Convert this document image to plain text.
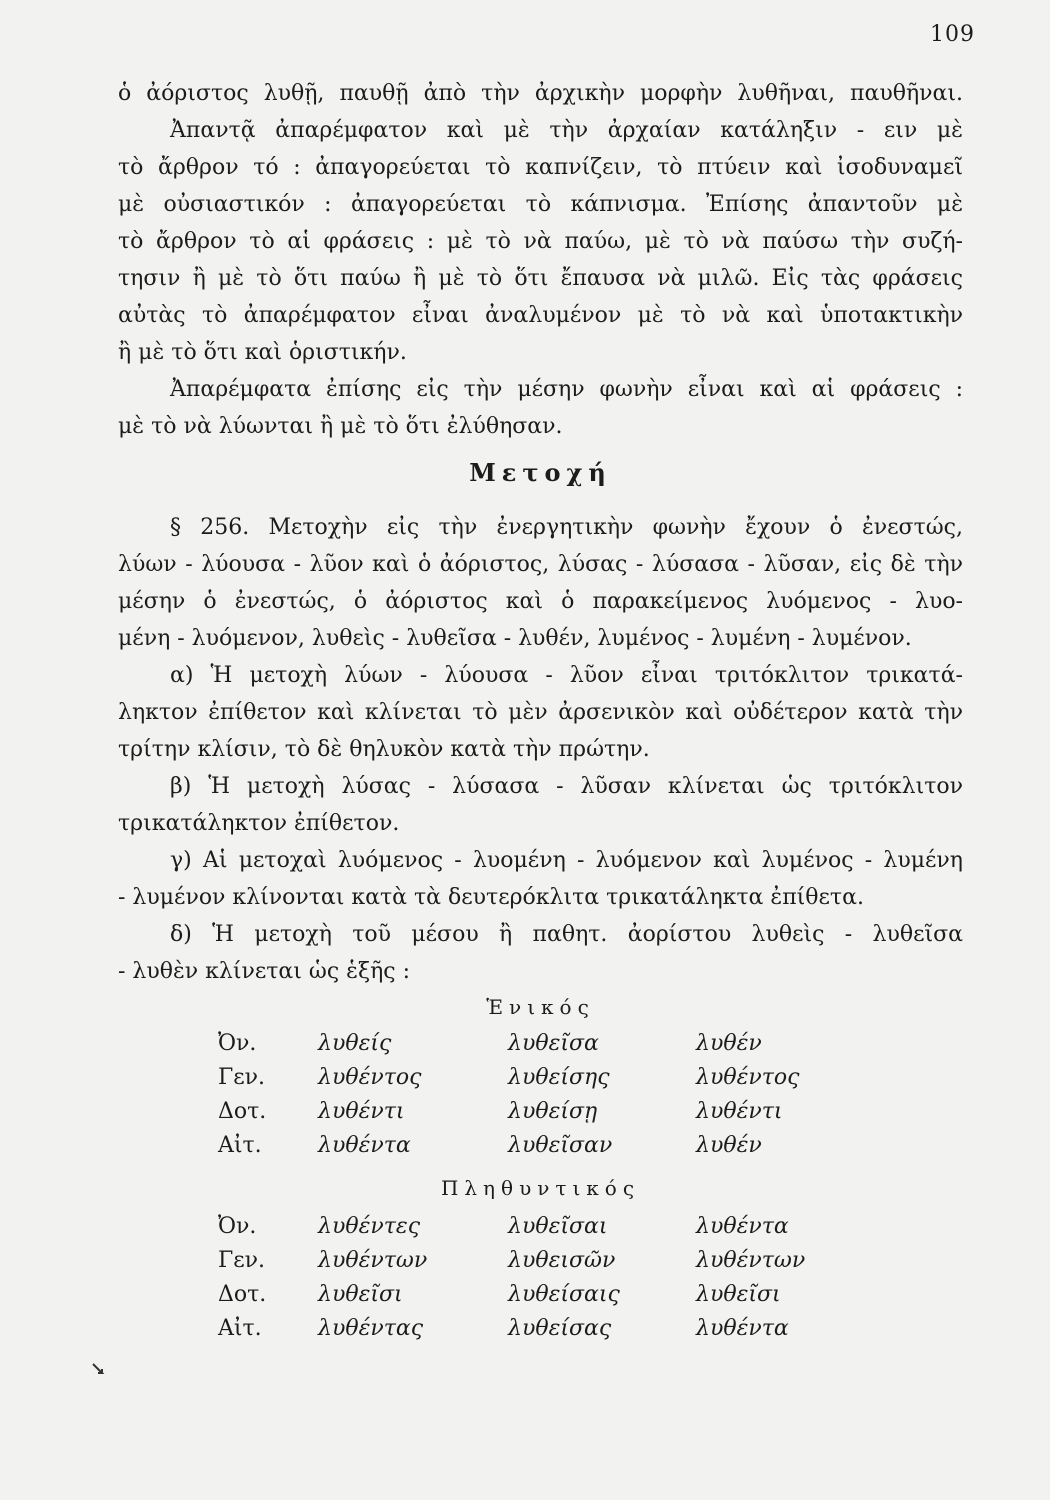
109
ὁ ἀόριστος λυθῇ, παυθῇ ἀπὸ τὴν ἀρχικὴν μορφὴν λυθῆναι, παυθῆναι.
Ἀπαντᾷ ἀπαρέμφατον καὶ μὲ τὴν ἀρχαίαν κατάληξιν - ειν μὲ
τὸ ἄρθρον τό : ἀπαγορεύεται τὸ καπνίζειν, τὸ πτύειν καὶ ἰσοδυναμεῖ
μὲ οὐσιαστικόν : ἀπαγορεύεται τὸ κάπνισμα. Ἐπίσης ἀπαντοῦν μὲ
τὸ ἄρθρον τὸ αἱ φράσεις : μὲ τὸ νὰ παύω, μὲ τὸ νὰ παύσω τὴν συζή-
τησιν ἢ μὲ τὸ ὅτι παύω ἢ μὲ τὸ ὅτι ἔπαυσα νὰ μιλῶ. Εἰς τὰς φράσεις
αὐτὰς τὸ ἀπαρέμφατον εἶναι ἀναλυμένον μὲ τὸ νὰ καὶ ὑποτακτικὴν
ἢ μὲ τὸ ὅτι καὶ ὁριστικήν.
Ἀπαρέμφατα ἐπίσης εἰς τὴν μέσην φωνὴν εἶναι καὶ αἱ φράσεις :
μὲ τὸ νὰ λύωνται ἢ μὲ τὸ ὅτι ἐλύθησαν.
Μετοχή
§ 256. Μετοχὴν εἰς τὴν ἐνεργητικὴν φωνὴν ἔχουν ὁ ἐνεστώς,
λύων - λύουσα - λῦον καὶ ὁ ἀόριστος, λύσας - λύσασα - λῦσαν, εἰς δὲ τὴν
μέσην ὁ ἐνεστώς, ὁ ἀόριστος καὶ ὁ παρακείμενος λυόμενος - λυο-
μένη - λυόμενον, λυθεὶς - λυθεῖσα - λυθέν, λυμένος - λυμένη - λυμένον.
α) Ἡ μετοχὴ λύων - λύουσα - λῦον εἶναι τριτόκλιτον τρικατά-
ληκτον ἐπίθετον καὶ κλίνεται τὸ μὲν ἀρσενικὸν καὶ οὐδέτερον κατὰ τὴν
τρίτην κλίσιν, τὸ δὲ θηλυκὸν κατὰ τὴν πρώτην.
β) Ἡ μετοχὴ λύσας - λύσασα - λῦσαν κλίνεται ὡς τριτόκλιτον
τρικατάληκτον ἐπίθετον.
γ) Αἱ μετοχαὶ λυόμενος - λυομένη - λυόμενον καὶ λυμένος - λυμένη
- λυμένον κλίνονται κατὰ τὰ δευτερόκλιτα τρικατάληκτα ἐπίθετα.
δ) Ἡ μετοχὴ τοῦ μέσου ἢ παθητ. ἀορίστου λυθεὶς - λυθεῖσα
- λυθὲν κλίνεται ὡς ἑξῆς :
Ἑνικός
Ὀν.	λυθείς	λυθεῖσα	λυθέν
Γεν. λυθέντος	λυθείσης	λυθέντος
Δοτ. λυθέντι	λυθείσῃ	λυθέντι
Αἰτ.	λυθέντα	λυθεῖσαν	λυθέν
Πληθυντικός
Ὀν.	λυθέντες	λυθεῖσαι	λυθέντα
Γεν. λυθέντων	λυθεισῶν	λυθέντων
Δοτ. λυθεῖσι	λυθείσαις	λυθεῖσι
Αἰτ.	λυθέντας	λυθείσας	λυθέντα
